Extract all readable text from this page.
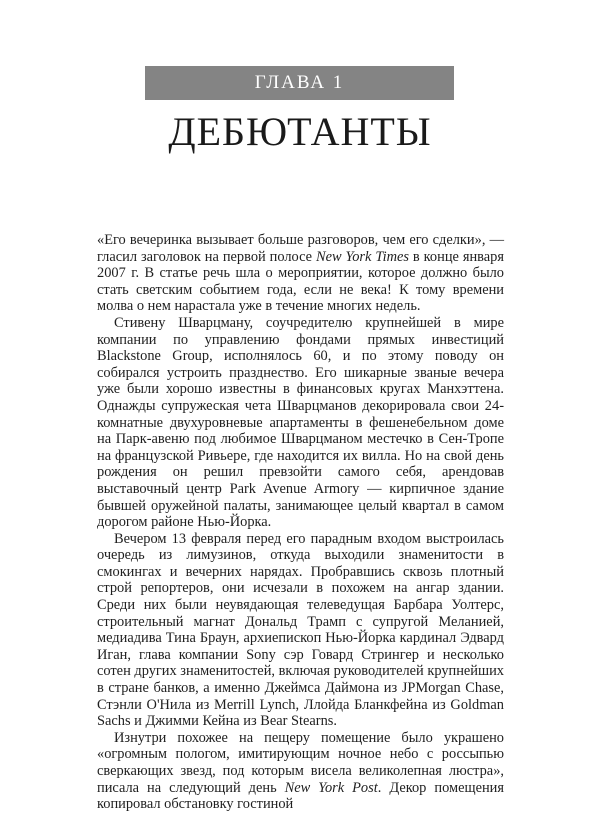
ГЛАВА 1
ДЕБЮТАНТЫ

«Его вечеринка вызывает больше разговоров, чем его сделки», — гласил заголовок на первой полосе New York Times в конце января 2007 г. В статье речь шла о мероприятии, которое должно было стать светским событием года, если не века! К тому времени молва о нем нарастала уже в течение многих недель.

Стивену Шварцману, соучредителю крупнейшей в мире компании по управлению фондами прямых инвестиций Blackstone Group, исполнялось 60, и по этому поводу он собирался устроить празднество. Его шикарные званые вечера уже были хорошо известны в финансовых кругах Манхэттена. Однажды супружеская чета Шварцманов декорировала свои 24-комнатные двухуровневые апартаменты в фешенебельном доме на Парк-авеню под любимое Шварцманом местечко в Сен-Тропе на французской Ривьере, где находится их вилла. Но на свой день рождения он решил превзойти самого себя, арендовав выставочный центр Park Avenue Armory — кирпичное здание бывшей оружейной палаты, занимающее целый квартал в самом дорогом районе Нью-Йорка.

Вечером 13 февраля перед его парадным входом выстроилась очередь из лимузинов, откуда выходили знаменитости в смокингах и вечерних нарядах. Пробравшись сквозь плотный строй репортеров, они исчезали в похожем на ангар здании. Среди них были неувядающая телеведущая Барбара Уолтерс, строительный магнат Дональд Трамп с супругой Меланией, медиадива Тина Браун, архиепископ Нью-Йорка кардинал Эдвард Иган, глава компании Sony сэр Говард Стрингер и несколько сотен других знаменитостей, включая руководителей крупнейших в стране банков, а именно Джеймса Даймона из JPMorgan Chase, Стэнли О'Нила из Merrill Lynch, Ллойда Бланкфейна из Goldman Sachs и Джимми Кейна из Bear Stearns.

Изнутри похожее на пещеру помещение было украшено «огромным пологом, имитирующим ночное небо с россыпью сверкающих звезд, под которым висела великолепная люстра», писала на следующий день New York Post. Декор помещения копировал обстановку гостиной
